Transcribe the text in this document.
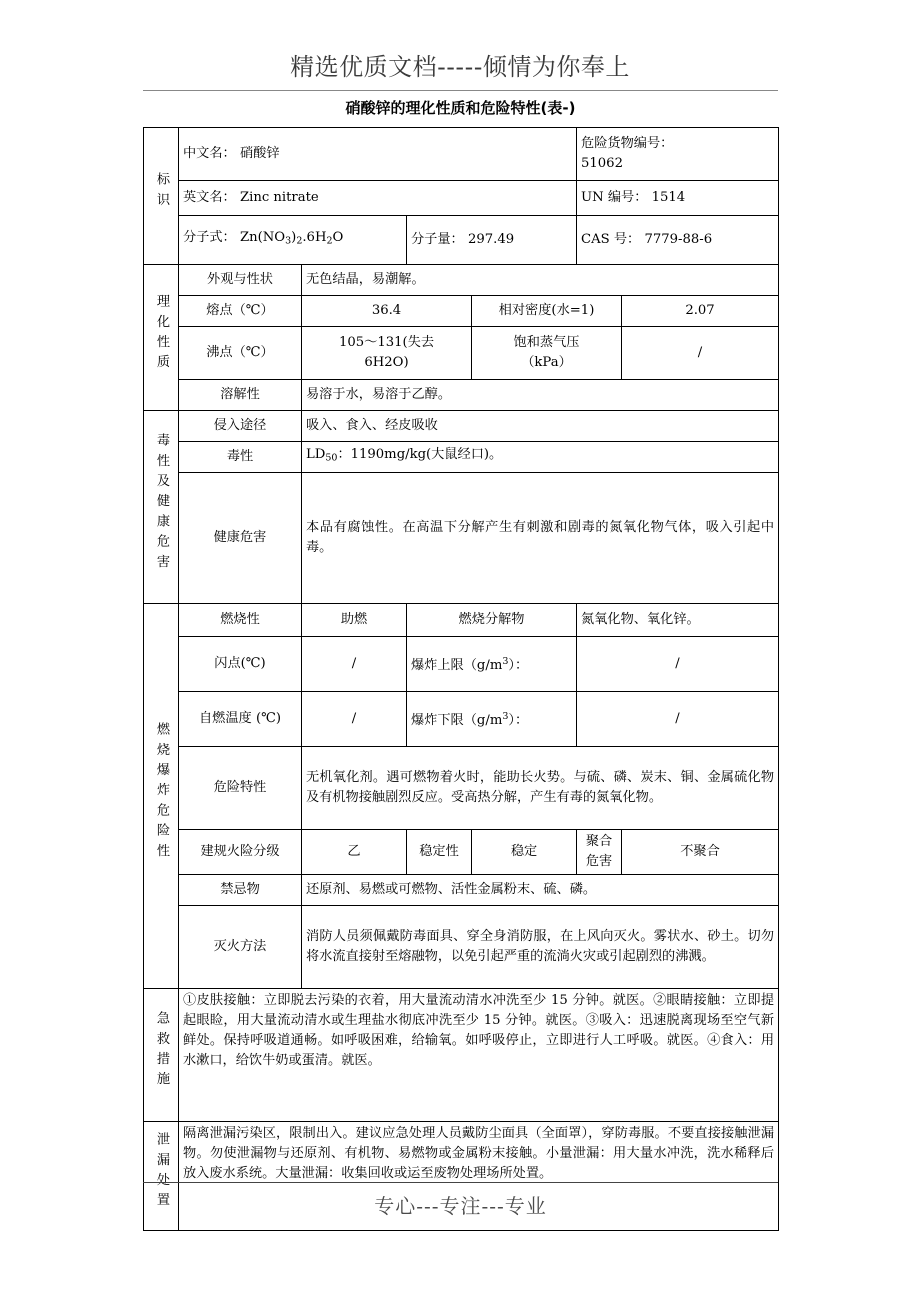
精选优质文档-----倾情为你奉上
硝酸锌的理化性质和危险特性(表-)
标识	中文名： 硝酸锌				危险货物编号：
51062	
	英文名： Zinc nitrate				UN 编号： 1514	
	分子式： $Zn(NO_3)_2.6H_2O$		分子量： 297.49		CAS 号： 7779-88-6	
理化性质	外观与性状	无色结晶，易潮解。				
	熔点（℃）	36.4		相对密度(水=1)		2.07
	沸点（℃）	105～131(失去
6H2O)		饱和蒸气压
（kPa）		/
	溶解性	易溶于水，易溶于乙醇。				
毒性及健康危害	侵入途径	吸入、食入、经皮吸收				
	毒性	$LD_{50}$：1190mg/kg(大鼠经口)。				
	健康危害	本品有腐蚀性。在高温下分解产生有刺激和剧毒的氮氧化物气体，吸入引起中毒。				
燃烧爆炸危险性	燃烧性	助燃	燃烧分解物		氮氧化物、氧化锌。	
	闪点(℃)	/	爆炸上限$(g/m^3)$：		/	
	自燃温度 (℃)	/	爆炸下限$(g/m^3)$：		/	
	危险特性	无机氧化剂。遇可燃物着火时，能助长火势。与硫、磷、炭末、铜、金属硫化物及有机物接触剧烈反应。受高热分解，产生有毒的氮氧化物。				
	建规火险分级	乙	稳定性	稳定	聚合危害	不聚合
	禁忌物	还原剂、易燃或可燃物、活性金属粉末、硫、磷。				
	灭火方法	消防人员须佩戴防毒面具、穿全身消防服，在上风向灭火。雾状水、砂土。切勿将水流直接射至熔融物，以免引起严重的流淌火灾或引起剧烈的沸溅。				
急救措施	①皮肤接触：立即脱去污染的衣着，用大量流动清水冲洗至少 15 分钟。就医。②眼睛接触：立即提起眼睑，用大量流动清水或生理盐水彻底冲洗至少 15 分钟。就医。③吸入：迅速脱离现场至空气新鲜处。保持呼吸道通畅。如呼吸困难，给输氧。如呼吸停止，立即进行人工呼吸。就医。④食入：用水漱口，给饮牛奶或蛋清。就医。					
泄漏处置	隔离泄漏污染区，限制出入。建议应急处理人员戴防尘面具（全面罩），穿防毒服。不要直接接触泄漏物。勿使泄漏物与还原剂、有机物、易燃物或金属粉末接触。小量泄漏：用大量水冲洗，洗水稀释后放入废水系统。大量泄漏：收集回收或运至废物处理场所处置。					
专心---专注---专业
